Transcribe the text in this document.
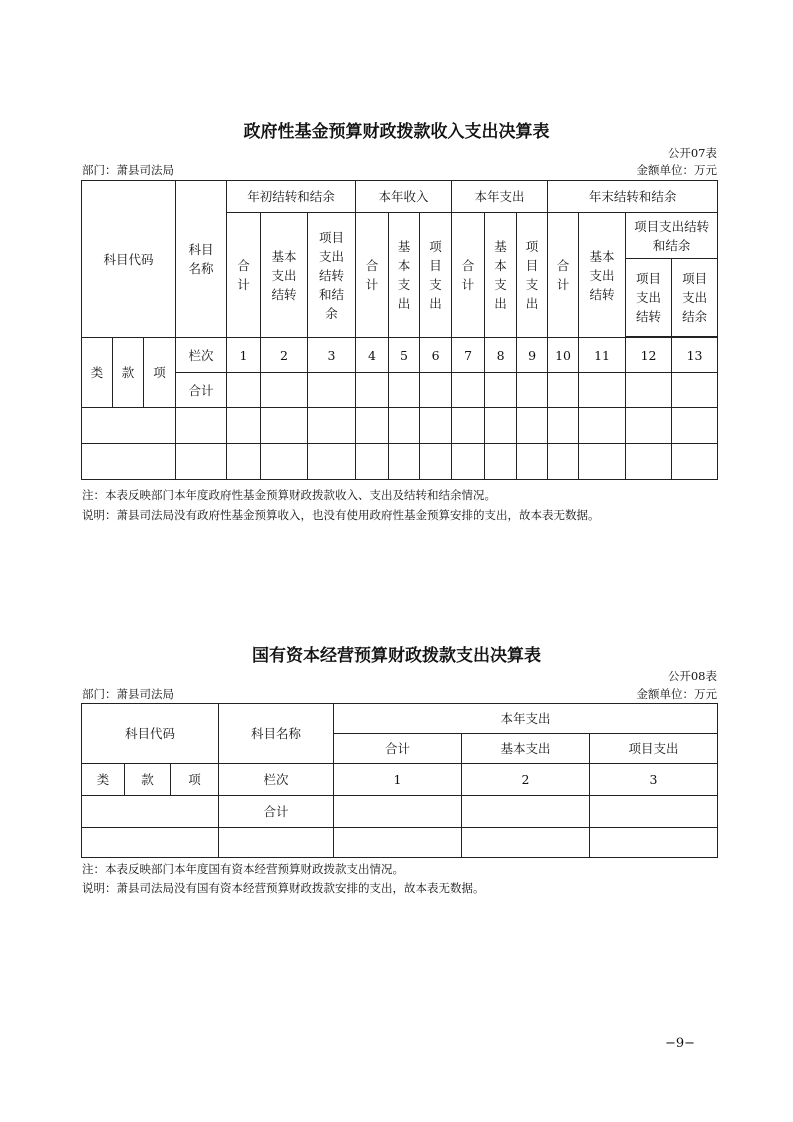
政府性基金预算财政拨款收入支出决算表
公开07表
部门：萧县司法局	金额单位：万元
科目代码			科目名称	年初结转和结余			本年收入			本年支出			年末结转和结余			
				合计	基本支出结转	项目支出结转和结余	合计	基本支出	项目支出	合计	基本支出	项目支出	合计	基本支出结转	项目支出结转和结余	
															项目支出结转	项目支出结余

类	款	项	栏次	1	2	3	4	5	6	7	8	9	10	11	12	13
			合计													

注：本表反映部门本年度政府性基金预算财政拨款收入、支出及结转和结余情况。
说明：萧县司法局没有政府性基金预算收入，也没有使用政府性基金预算安排的支出，故本表无数据。
国有资本经营预算财政拨款支出决算表
公开08表
部门：萧县司法局	金额单位：万元
科目代码			科目名称	本年支出		
				合计	基本支出	项目支出
类	款	项	栏次	1	2	3
			合计			

注：本表反映部门本年度国有资本经营预算财政拨款支出情况。
说明：萧县司法局没有国有资本经营预算财政拨款安排的支出，故本表无数据。
−9−
